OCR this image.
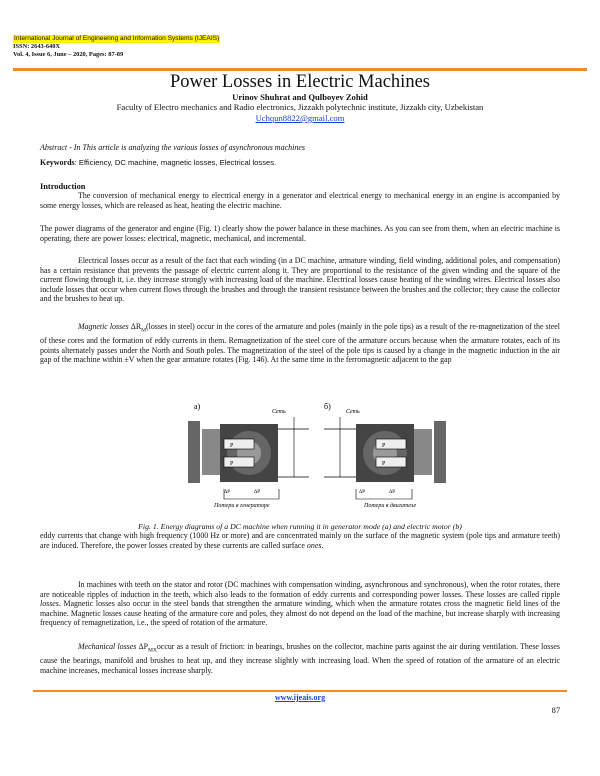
International Journal of Engineering and Information Systems (IJEAIS)
ISSN: 2643-640X
Vol. 4, Issue 6, June – 2020, Pages: 87-89
Power Losses in Electric Machines
Urinov Shuhrat and Qulboyev Zohid
Faculty of Electro mechanics and Radio electronics, Jizzakh polytechnic institute, Jizzakh city, Uzbekistan
Uchqun8822@gmail.com
Abstract - In This article is analyzing the various losses of asynchronous machines
Keywords: Efficiency, DC machine, magnetic losses, Electrical losses.
Introduction

The conversion of mechanical energy to electrical energy in a generator and electrical energy to mechanical energy in an engine is accompanied by some energy losses, which are released as heat, heating the electric machine.

The power diagrams of the generator and engine (Fig. 1) clearly show the power balance in these machines. As you can see from them, when an electric machine is operating, there are power losses: electrical, magnetic, mechanical, and incremental.

Electrical losses occur as a result of the fact that each winding (in a DC machine, armature winding, field winding, additional poles, and compensation) has a certain resistance that prevents the passage of electric current along it. They are proportional to the resistance of the given winding and the square of the current flowing through it, i.e. they increase strongly with increasing load of the machine. Electrical losses cause heating of the winding wires. Electrical losses also include losses that occur when current flows through the brushes and through the transient resistance between the brushes and the collector; they cause the collector and the brushes to heat up.

Magnetic losses $\Delta R_M(losses$ in steel) occur in the cores of the armature and poles (mainly in the pole tips) as a result of the re-magnetization of the steel of these cores and the formation of eddy currents in them. Remagnetization of the steel core of the armature occurs because when the armature rotates, each of its points alternately passes under the North and South poles. The magnetization of the steel of the pole tips is caused by a change in the magnetic induction in the air gap of the machine within ±V when the gear armature rotates (Fig. 146). At the same time in the ferromagnetic adjacent to the gap

а)
P
P
Сеть
Потери в генераторе
ΔP	ΔP
б)
Сеть
P
P
Потери в двигателе
ΔP	ΔP
Fig. 1. Energy diagrams of a DC machine when running it in generator mode (a) and electric motor (b)

eddy currents that change with high frequency (1000 Hz or more) and are concentrated mainly on the surface of the magnetic system (pole tips and armature teeth) are induced. Therefore, the power losses created by these currents are called surface ones.

In machines with teeth on the stator and rotor (DC machines with compensation winding, asynchronous and synchronous), when the rotor rotates, there are noticeable ripples of induction in the teeth, which also leads to the formation of eddy currents and corresponding power losses. These losses are called ripple losses. Magnetic losses also occur in the steel bands that strengthen the armature winding, which when the armature rotates cross the magnetic field lines of the machine. Magnetic losses cause heating of the armature core and poles, they almost do not depend on the load of the machine, but increase sharply with increasing frequency of remagnetization, i.e., the speed of rotation of the armature.

Mechanical losses $\Delta P_{MX}occur$ as a result of friction: in bearings, brushes on the collector, machine parts against the air during ventilation. These losses cause the bearings, manifold and brushes to heat up, and they increase slightly with increasing load. When the speed of rotation of the armature of an electric machine increases, mechanical losses increase sharply.

www.ijeais.org
87
